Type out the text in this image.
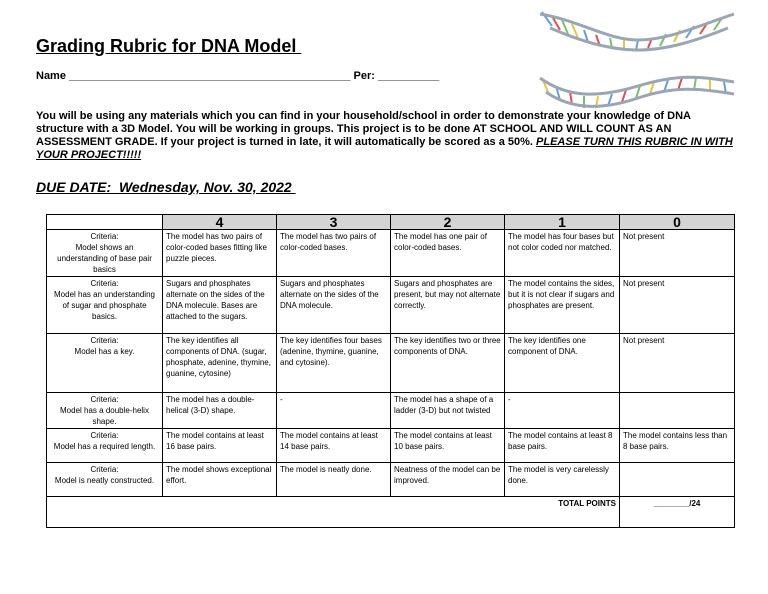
Grading Rubric for DNA Model
Name ______________________________________________ Per: __________

You will be using any materials which you can find in your household/school in order to demonstrate your knowledge of DNA structure with a 3D Model. You will be working in groups. This project is to be done AT SCHOOL AND WILL COUNT AS AN ASSESSMENT GRADE. If your project is turned in late, it will automatically be scored as a 50%. PLEASE TURN THIS RUBRIC IN WITH YOUR PROJECT!!!!!

DUE DATE:  Wednesday, Nov. 30, 2022
	4	3	2	1	0
Criteria:
Model shows an understanding of base pair basics	The model has two pairs of color-coded bases fitting like puzzle pieces.	The model has two pairs of color-coded bases.	The model has one pair of color-coded bases.	The model has four bases but not color coded nor matched.	Not present
Criteria:
Model has an understanding of sugar and phosphate basics.	Sugars and phosphates alternate on the sides of the DNA molecule. Bases are attached to the sugars.	Sugars and phosphates alternate on the sides of the DNA molecule.	Sugars and phosphates are present, but may not alternate correctly.	The model contains the sides, but it is not clear if sugars and phosphates are present.	Not present
Criteria:
Model has a key.	The key identifies all components of DNA. (sugar, phosphate, adenine, thymine, guanine, cytosine)	The key identifies four bases (adenine, thymine, guanine, and cytosine).	The key identifies two or three components of DNA.	The key identifies one component of DNA.	Not present
Criteria:
Model has a double-helix shape.	The model has a double-helical (3-D) shape.	-	The model has a shape of a ladder (3-D) but not twisted	-	
Criteria:
Model has a required length.	The model contains at least 16 base pairs.	The model contains at least 14 base pairs.	The model contains at least 10 base pairs.	The model contains at least 8 base pairs.	The model contains less than 8 base pairs.
Criteria:
Model is neatly constructed.	The model shows exceptional effort.	The model is neatly done.	Neatness of the model can be improved.	The model is very carelessly done.	
TOTAL POINTS					________/24
